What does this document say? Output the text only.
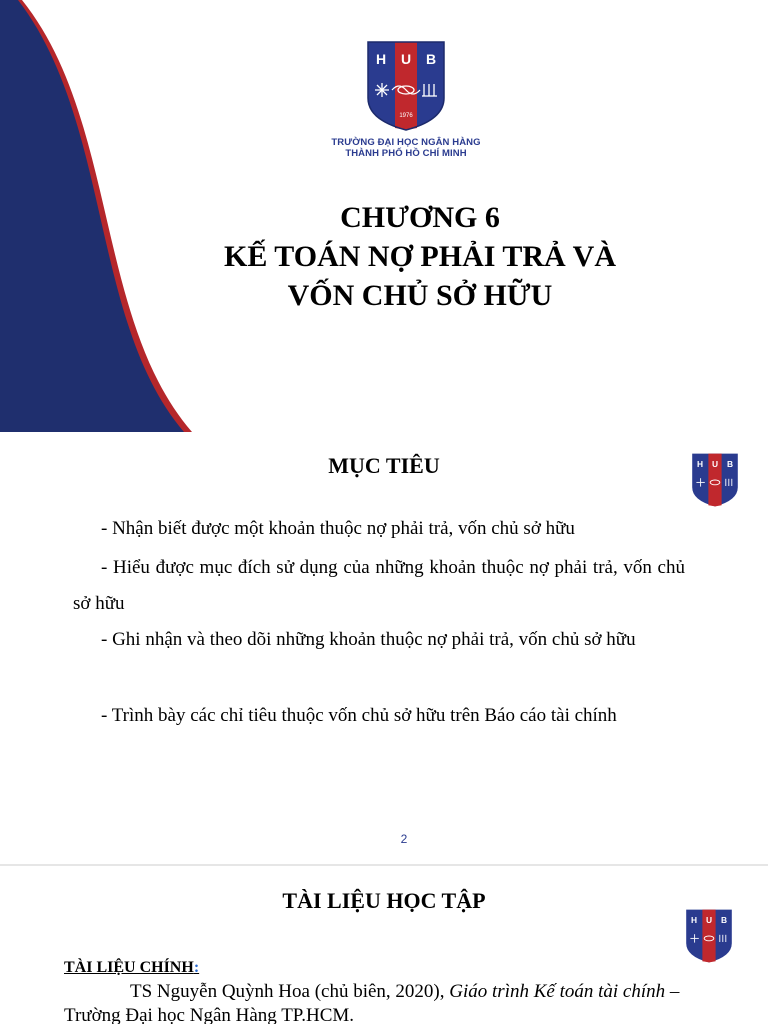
H U B
1976
TRƯỜNG ĐẠI HỌC NGÂN HÀNG
THÀNH PHỐ HỒ CHÍ MINH
CHƯƠNG 6
KẾ TOÁN NỢ PHẢI TRẢ VÀ
VỐN CHỦ SỞ HỮU
MỤC TIÊU	H U B
- Nhận biết được một khoản thuộc nợ phải trả, vốn chủ sở hữu
- Hiểu được mục đích sử dụng của những khoản thuộc nợ phải trả, vốn chủ sở hữu
- Ghi nhận và theo dõi những khoản thuộc nợ phải trả, vốn chủ sở hữu
- Trình bày các chỉ tiêu thuộc vốn chủ sở hữu trên Báo cáo tài chính
2
TÀI LIỆU HỌC TẬP
H U B
TÀI LIỆU CHÍNH:
TS Nguyễn Quỳnh Hoa (chủ biên, 2020), Giáo trình Kế toán tài chính – Trường Đại học Ngân Hàng TP.HCM.
